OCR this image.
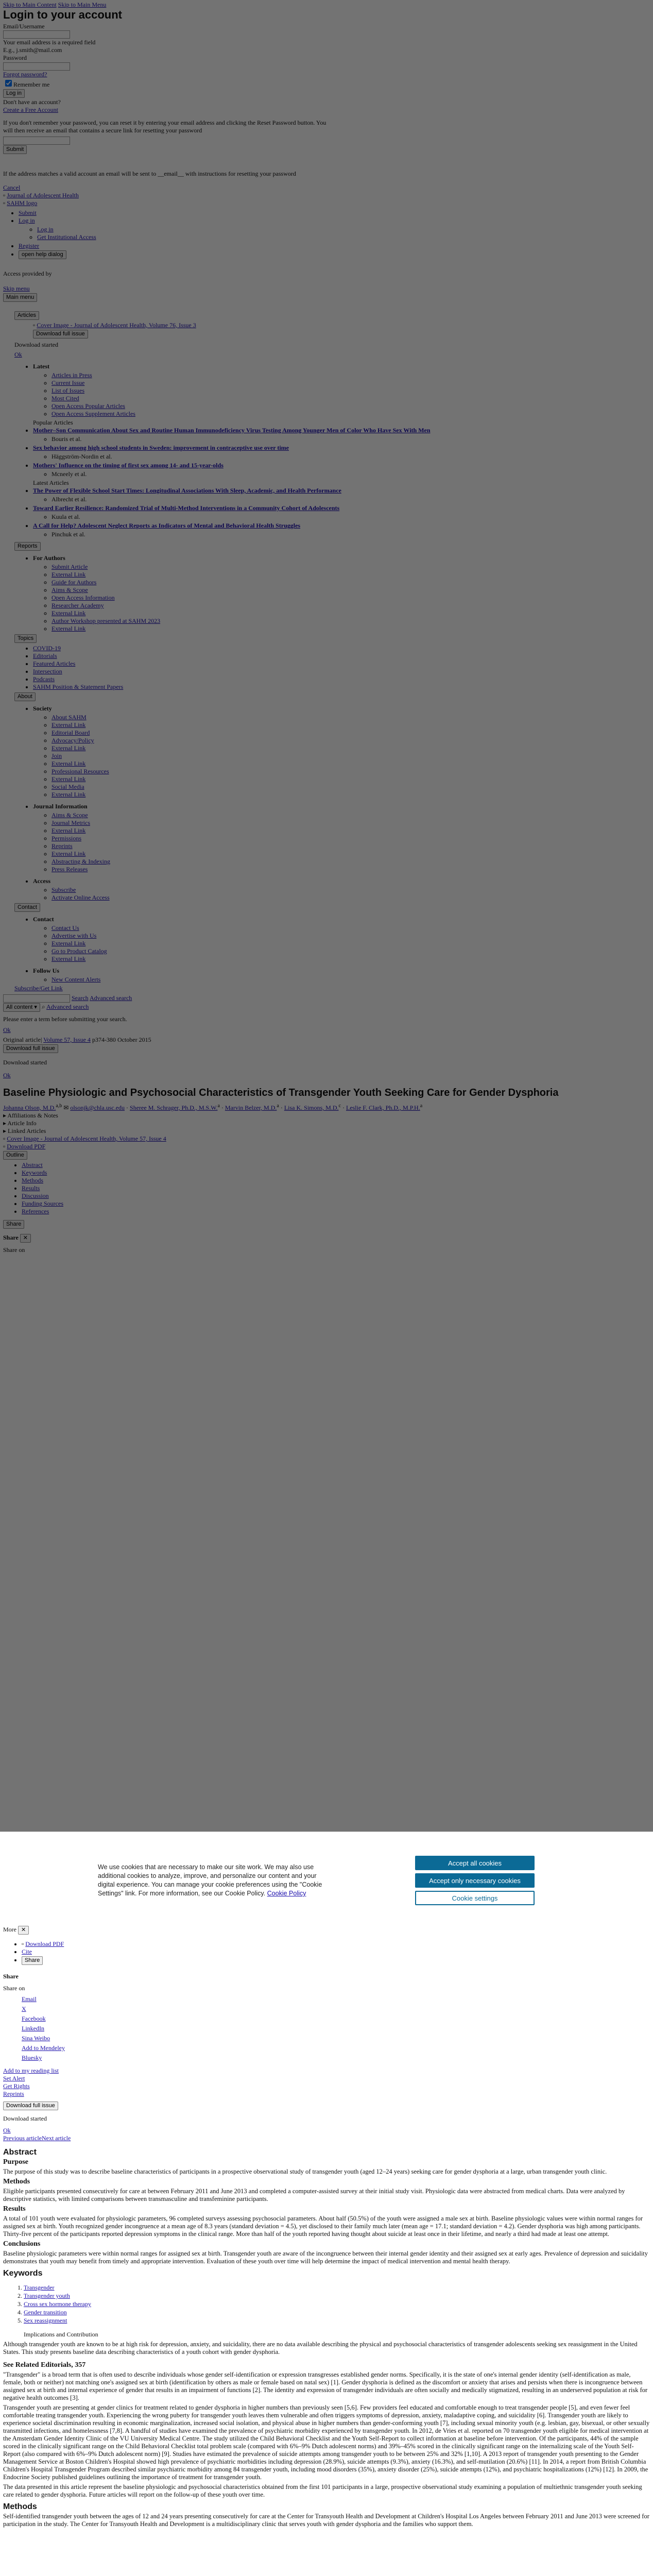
•
•
◦
◦
•
•
•
◦
◦
◦
◦
◦
◦
•
◦
•
◦
•
◦
•
◦
•
◦
•
◦
•
◦
◦
◦
◦
◦
◦
◦
◦
◦
•
•
•
•
•
•
•
◦
◦
◦
◦
◦
◦
◦
◦
◦
◦
◦
•
◦
◦
◦
◦
◦
◦
◦
◦
•
◦
◦
•
◦
◦
◦
◦
◦
•
◦
•
•
•
•
•
•
•

We use cookies that are necessary to make our site work. We may also use additional cookies to analyze, improve, and personalize our content and your digital experience. You can manage your cookie preferences using the "Cookie Settings" link. For more information, see our Cookie Policy. Cookie Policy

Accept all cookies
Accept only necessary cookies
Cookie settings
More ✕
• ▫ Download PDF
• Cite
• Share
Share
Share on
Email
X
Facebook
LinkedIn
Sina Weibo
Add to Mendeley
Bluesky
Add to my reading list
Set Alert
Get Rights
Reprints
Download full issue
Download started
Ok
Previous articleNext article
Abstract
Purpose

The purpose of this study was to describe baseline characteristics of participants in a prospective observational study of transgender youth (aged 12–24 years) seeking care for gender dysphoria at a large, urban transgender youth clinic.

Methods

Eligible participants presented consecutively for care at between February 2011 and June 2013 and completed a computer-assisted survey at their initial study visit. Physiologic data were abstracted from medical charts. Data were analyzed by descriptive statistics, with limited comparisons between transmasculine and transfeminine participants.

Results

A total of 101 youth were evaluated for physiologic parameters, 96 completed surveys assessing psychosocial parameters. About half (50.5%) of the youth were assigned a male sex at birth. Baseline physiologic values were within normal ranges for assigned sex at birth. Youth recognized gender incongruence at a mean age of 8.3 years (standard deviation = 4.5), yet disclosed to their family much later (mean age = 17.1; standard deviation = 4.2). Gender dysphoria was high among participants. Thirty-five percent of the participants reported depression symptoms in the clinical range. More than half of the youth reported having thought about suicide at least once in their lifetime, and nearly a third had made at least one attempt.

Conclusions

Baseline physiologic parameters were within normal ranges for assigned sex at birth. Transgender youth are aware of the incongruence between their internal gender identity and their assigned sex at early ages. Prevalence of depression and suicidality demonstrates that youth may benefit from timely and appropriate intervention. Evaluation of these youth over time will help determine the impact of medical intervention and mental health therapy.

Keywords
1. Transgender
2. Transgender youth
3. Cross sex hormone therapy
4. Gender transition
5. Sex reassignment
Implications and Contribution

Although transgender youth are known to be at high risk for depression, anxiety, and suicidality, there are no data available describing the physical and psychosocial characteristics of transgender adolescents seeking sex reassignment in the United States. This study presents baseline data describing characteristics of a youth cohort with gender dysphoria.

See Related Editorials, 357

"Transgender" is a broad term that is often used to describe individuals whose gender self-identification or expression transgresses established gender norms. Specifically, it is the state of one's internal gender identity (self-identification as male, female, both or neither) not matching one's assigned sex at birth (identification by others as male or female based on natal sex) [1]. Gender dysphoria is defined as the discomfort or anxiety that arises and persists when there is incongruence between assigned sex at birth and internal experience of gender that results in an impairment of functions [2]. The identity and expression of transgender individuals are often socially and medically stigmatized, resulting in an underserved population at risk for negative health outcomes [3].

Transgender youth are presenting at gender clinics for treatment related to gender dysphoria in higher numbers than previously seen [5,6]. Few providers feel educated and comfortable enough to treat transgender people [5], and even fewer feel comfortable treating transgender youth. Experiencing the wrong puberty for transgender youth leaves them vulnerable and often triggers symptoms of depression, anxiety, maladaptive coping, and suicidality [6]. Transgender youth are likely to experience societal discrimination resulting in economic marginalization, increased social isolation, and physical abuse in higher numbers than gender-conforming youth [7], including sexual minority youth (e.g. lesbian, gay, bisexual, or other sexually transmitted infections, and homelessness [7,8]. A handful of studies have examined the prevalence of psychiatric morbidity experienced by transgender youth. In 2012, de Vries et al. reported on 70 transgender youth eligible for medical intervention at the Amsterdam Gender Identity Clinic of the VU University Medical Centre. The study utilized the Child Behavioral Checklist and the Youth Self-Report to collect information at baseline before intervention. Of the participants, 44% of the sample scored in the clinically significant range on the Child Behavioral Checklist total problem scale (compared with 6%–9% Dutch adolescent norms) and 39%–45% scored in the clinically significant range on the internalizing scale of the Youth Self-Report (also compared with 6%–9% Dutch adolescent norm) [9]. Studies have estimated the prevalence of suicide attempts among transgender youth to be between 25% and 32% [1,10]. A 2013 report of transgender youth presenting to the Gender Management Service at Boston Children's Hospital showed high prevalence of psychiatric morbidities including depression (28.9%), suicide attempts (9.3%), anxiety (16.3%), and self-mutilation (20.6%) [11]. In 2014, a report from British Columbia Children's Hospital Transgender Program described similar psychiatric morbidity among 84 transgender youth, including mood disorders (35%), anxiety disorder (25%), suicide attempts (12%), and psychiatric hospitalizations (12%) [12]. In 2009, the Endocrine Society published guidelines outlining the importance of treatment for transgender youth.

The data presented in this article represent the baseline physiologic and psychosocial characteristics obtained from the first 101 participants in a large, prospective observational study examining a population of multiethnic transgender youth seeking care related to gender dysphoria. Future articles will report on the follow-up of these youth over time.

Methods

Self-identified transgender youth between the ages of 12 and 24 years presenting consecutively for care at the Center for Transyouth Health and Development at Children's Hospital Los Angeles between February 2011 and June 2013 were screened for participation in the study. The Center for Transyouth Health and Development is a multidisciplinary clinic that serves youth with gender dysphoria and the families who support them.
